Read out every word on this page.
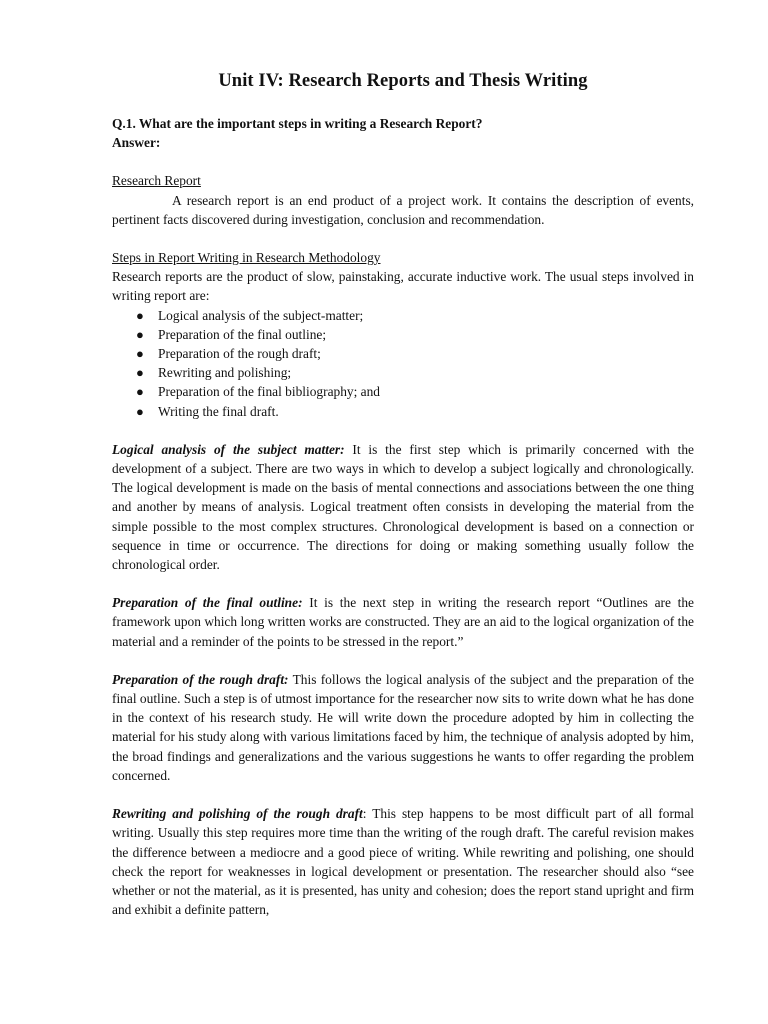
Unit IV: Research Reports and Thesis Writing
Q.1. What are the important steps in writing a Research Report?
Answer:
Research Report

A research report is an end product of a project work. It contains the description of events, pertinent facts discovered during investigation, conclusion and recommendation.

Steps in Report Writing in Research Methodology

Research reports are the product of slow, painstaking, accurate inductive work. The usual steps involved in writing report are:

● Logical analysis of the subject-matter;
● Preparation of the final outline;
● Preparation of the rough draft;
● Rewriting and polishing;
● Preparation of the final bibliography; and
● Writing the final draft.

Logical analysis of the subject matter: It is the first step which is primarily concerned with the development of a subject. There are two ways in which to develop a subject logically and chronologically. The logical development is made on the basis of mental connections and associations between the one thing and another by means of analysis. Logical treatment often consists in developing the material from the simple possible to the most complex structures. Chronological development is based on a connection or sequence in time or occurrence. The directions for doing or making something usually follow the chronological order.

Preparation of the final outline: It is the next step in writing the research report “Outlines are the framework upon which long written works are constructed. They are an aid to the logical organization of the material and a reminder of the points to be stressed in the report.”

Preparation of the rough draft: This follows the logical analysis of the subject and the preparation of the final outline. Such a step is of utmost importance for the researcher now sits to write down what he has done in the context of his research study. He will write down the procedure adopted by him in collecting the material for his study along with various limitations faced by him, the technique of analysis adopted by him, the broad findings and generalizations and the various suggestions he wants to offer regarding the problem concerned.

Rewriting and polishing of the rough draft: This step happens to be most difficult part of all formal writing. Usually this step requires more time than the writing of the rough draft. The careful revision makes the difference between a mediocre and a good piece of writing. While rewriting and polishing, one should check the report for weaknesses in logical development or presentation. The researcher should also “see whether or not the material, as it is presented, has unity and cohesion; does the report stand upright and firm and exhibit a definite pattern,
